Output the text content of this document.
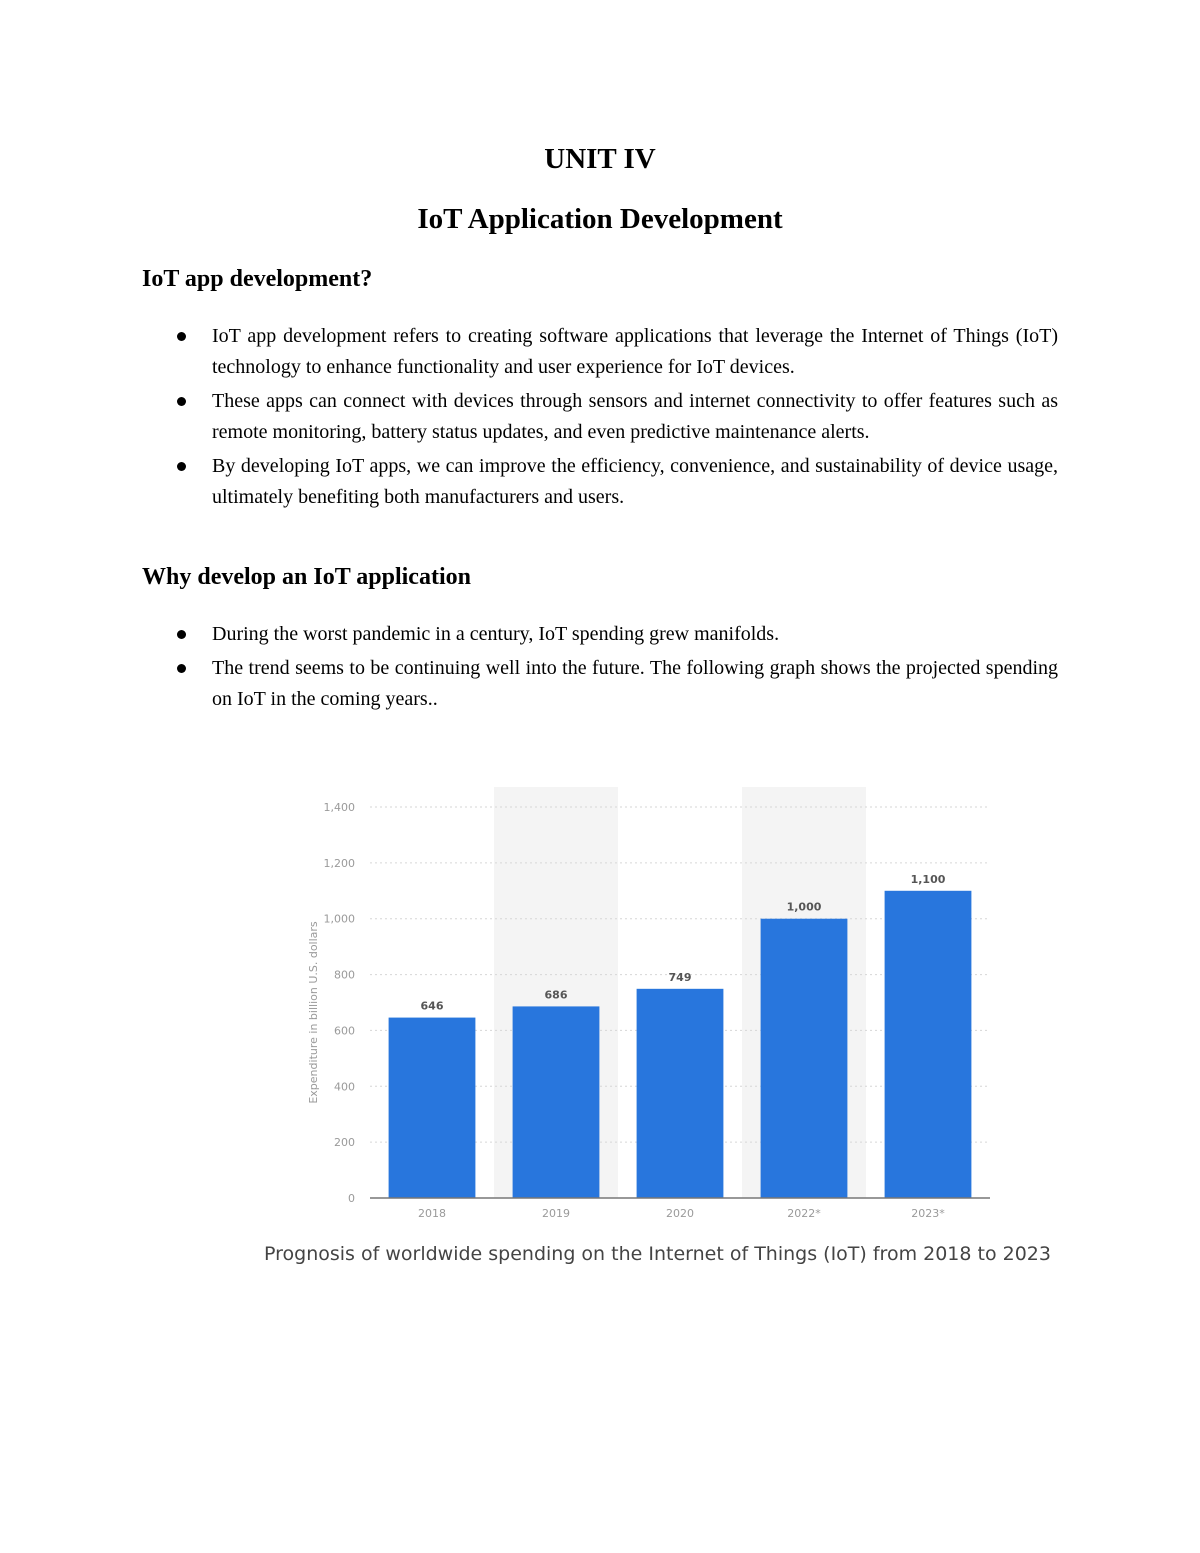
UNIT IV
IoT Application Development
IoT app development?
IoT app development refers to creating software applications that leverage the Internet of Things (IoT) technology to enhance functionality and user experience for IoT devices.
These apps can connect with devices through sensors and internet connectivity to offer features such as remote monitoring, battery status updates, and even predictive maintenance alerts.
By developing IoT apps, we can improve the efficiency, convenience, and sustainability of device usage, ultimately benefiting both manufacturers and users.
Why develop an IoT application
During the worst pandemic in a century, IoT spending grew manifolds.
The trend seems to be continuing well into the future. The following graph shows the projected spending on IoT in the coming years..
0
200
400
600
800
1,000
1,200
1,400
646
686
749
1,000
1,100
2018	2019	2020	2022*	2023*
Expenditure in billion U.S. dollars
Prognosis of worldwide spending on the Internet of Things (IoT) from 2018 to 2023
